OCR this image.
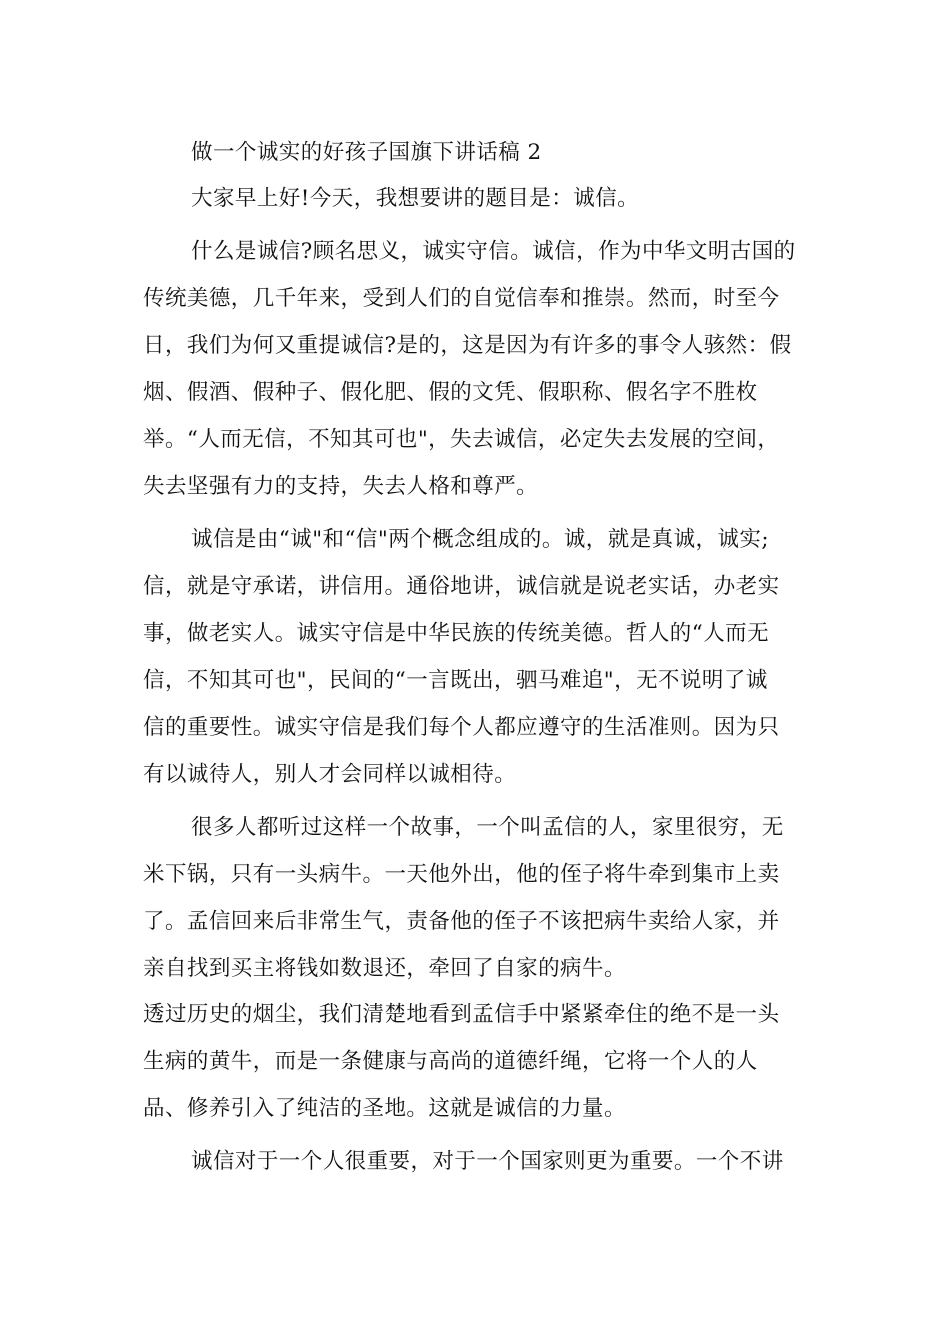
做一个诚实的好孩子国旗下讲话稿 2

大家早上好!今天，我想要讲的题目是：诚信。

什么是诚信?顾名思义，诚实守信。诚信，作为中华文明古国的

传统美德，几千年来，受到人们的自觉信奉和推崇。然而，时至今

日，我们为何又重提诚信?是的，这是因为有许多的事令人骇然：假

烟、假酒、假种子、假化肥、假的文凭、假职称、假名字不胜枚

举。“人而无信，不知其可也"，失去诚信，必定失去发展的空间，

失去坚强有力的支持，失去人格和尊严。

诚信是由“诚"和“信"两个概念组成的。诚，就是真诚，诚实;

信，就是守承诺，讲信用。通俗地讲，诚信就是说老实话，办老实

事，做老实人。诚实守信是中华民族的传统美德。哲人的“人而无

信，不知其可也"，民间的“一言既出，驷马难追"，无不说明了诚

信的重要性。诚实守信是我们每个人都应遵守的生活准则。因为只

有以诚待人，别人才会同样以诚相待。

很多人都听过这样一个故事，一个叫孟信的人，家里很穷，无

米下锅，只有一头病牛。一天他外出，他的侄子将牛牵到集市上卖

了。孟信回来后非常生气，责备他的侄子不该把病牛卖给人家，并

亲自找到买主将钱如数退还，牵回了自家的病牛。

透过历史的烟尘，我们清楚地看到孟信手中紧紧牵住的绝不是一头

生病的黄牛，而是一条健康与高尚的道德纤绳，它将一个人的人

品、修养引入了纯洁的圣地。这就是诚信的力量。

诚信对于一个人很重要，对于一个国家则更为重要。一个不讲
